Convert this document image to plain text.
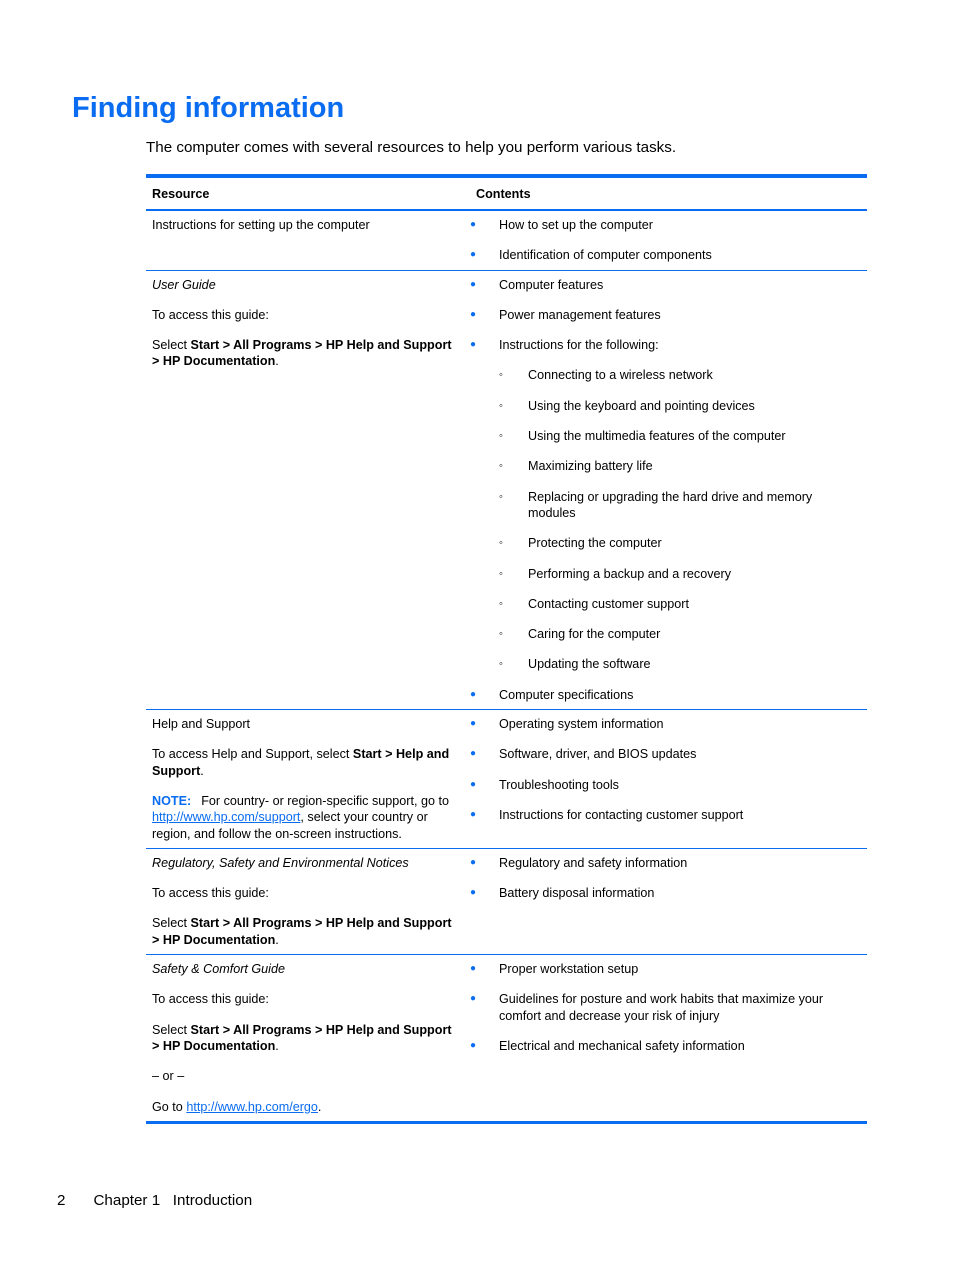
Finding information

The computer comes with several resources to help you perform various tasks.

Resource	Contents

Instructions for setting up the computer

●	How to set up the computer
● Identification of computer components

User Guide

To access this guide:

Select Start > All Programs > HP Help and Support > HP Documentation.

● Computer features
● Power management features
● Instructions for the following:
◦ Connecting to a wireless network
◦ Using the keyboard and pointing devices
◦ Using the multimedia features of the computer
◦ Maximizing battery life
◦ Replacing or upgrading the hard drive and memory modules
◦ Protecting the computer
◦ Performing a backup and a recovery
◦ Contacting customer support
◦ Caring for the computer
◦ Updating the software
● Computer specifications

Help and Support

To access Help and Support, select Start > Help and Support.

NOTE: For country- or region-specific support, go to http://www.hp.com/support, select your country or region, and follow the on-screen instructions.

● Operating system information
● Software, driver, and BIOS updates
● Troubleshooting tools
● Instructions for contacting customer support

Regulatory, Safety and Environmental Notices

To access this guide:

Select Start > All Programs > HP Help and Support > HP Documentation.

● Regulatory and safety information
● Battery disposal information

Safety & Comfort Guide

To access this guide:

Select Start > All Programs > HP Help and Support > HP Documentation.

– or –

Go to http://www.hp.com/ergo.

● Proper workstation setup
● Guidelines for posture and work habits that maximize your comfort and decrease your risk of injury
● Electrical and mechanical safety information
2 Chapter 1   Introduction
